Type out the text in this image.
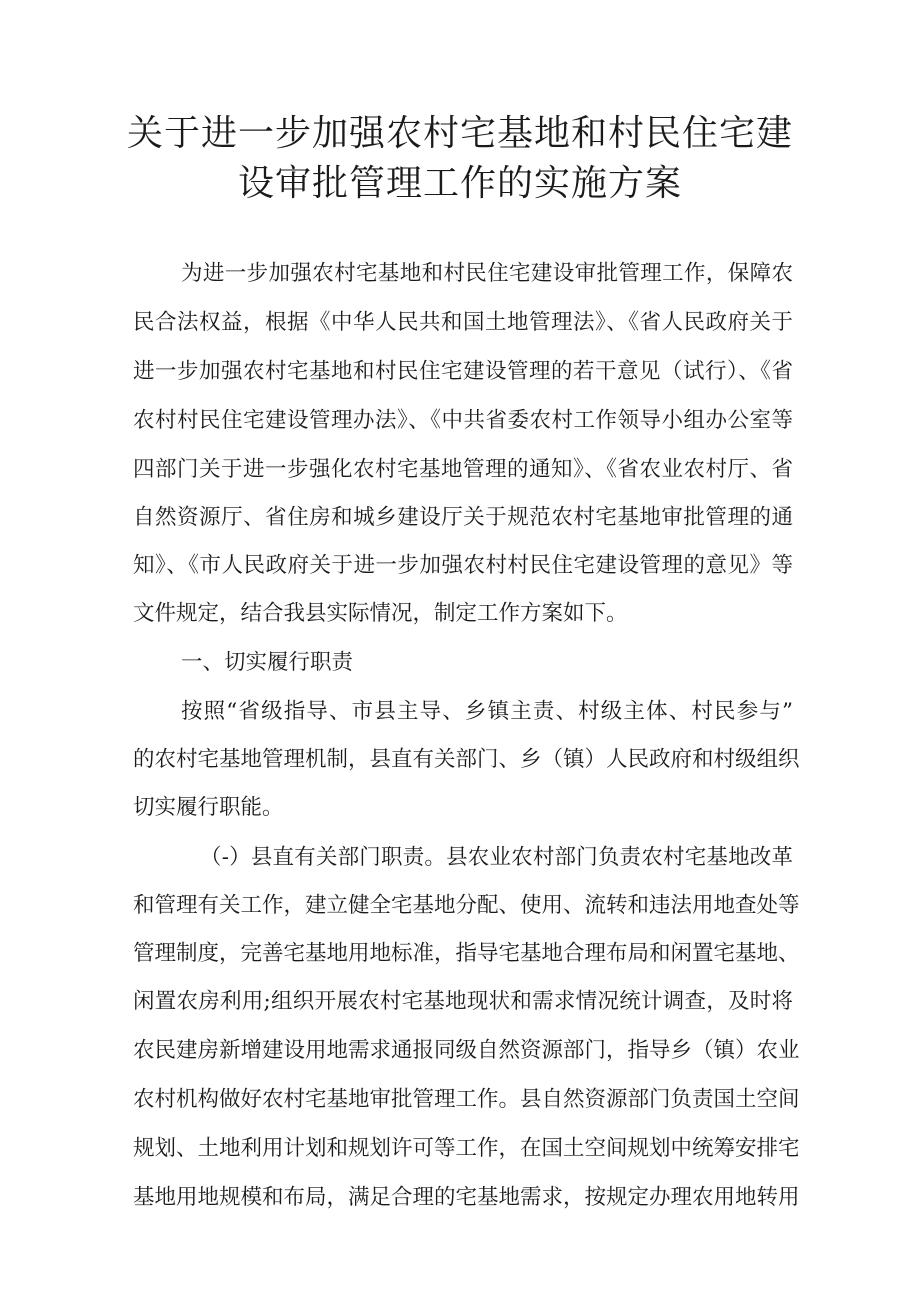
关于进一步加强农村宅基地和村民住宅建
设审批管理工作的实施方案

为进一步加强农村宅基地和村民住宅建设审批管理工作，保障农

民合法权益，根据《中华人民共和国土地管理法》、《省人民政府关于

进一步加强农村宅基地和村民住宅建设管理的若干意见（试行）、《省

农村村民住宅建设管理办法》、《中共省委农村工作领导小组办公室等

四部门关于进一步强化农村宅基地管理的通知》、《省农业农村厅、省

自然资源厅、省住房和城乡建设厅关于规范农村宅基地审批管理的通

知》、《市人民政府关于进一步加强农村村民住宅建设管理的意见》等

文件规定，结合我县实际情况，制定工作方案如下。

一、切实履行职责

按照“省级指导、市县主导、乡镇主责、村级主体、村民参与”

的农村宅基地管理机制，县直有关部门、乡（镇）人民政府和村级组织

切实履行职能。

（-）县直有关部门职责。县农业农村部门负责农村宅基地改革

和管理有关工作，建立健全宅基地分配、使用、流转和违法用地查处等

管理制度，完善宅基地用地标准，指导宅基地合理布局和闲置宅基地、

闲置农房利用;组织开展农村宅基地现状和需求情况统计调查，及时将

农民建房新增建设用地需求通报同级自然资源部门，指导乡（镇）农业

农村机构做好农村宅基地审批管理工作。县自然资源部门负责国土空间

规划、土地利用计划和规划许可等工作，在国土空间规划中统筹安排宅

基地用地规模和布局，满足合理的宅基地需求，按规定办理农用地转用
